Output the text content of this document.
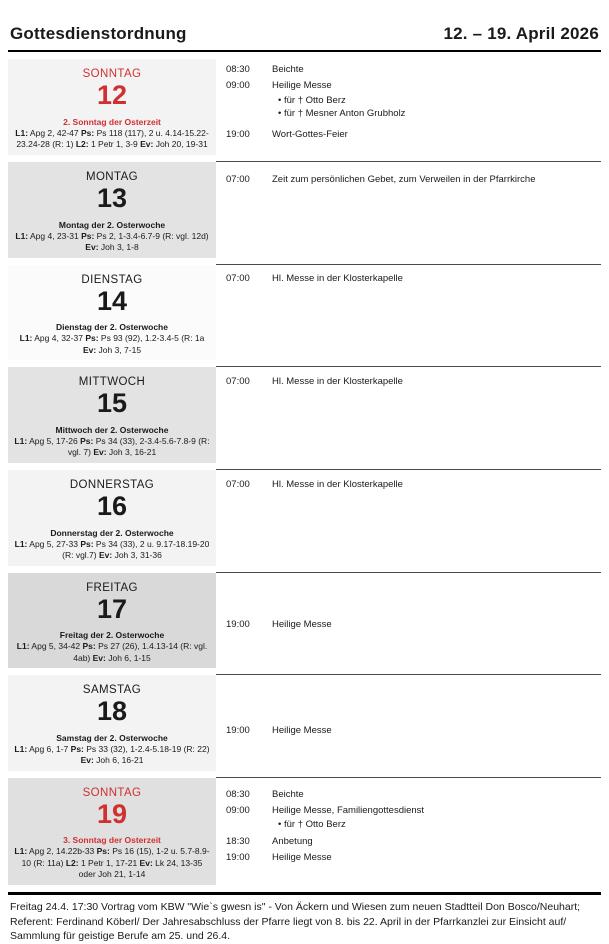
Gottesdienstordnung	12. – 19. April 2026
SONNTAG
12
2. Sonntag der Osterzeit
L1: Apg 2, 42-47 Ps: Ps 118 (117), 2 u. 4.14-15.22-23.24-28 (R: 1) L2: 1 Petr 1, 3-9 Ev: Joh 20, 19-31
08:30	Beichte
09:00	Heilige Messe
• für † Otto Berz
• für † Mesner Anton Grubholz
19:00	Wort-Gottes-Feier
MONTAG
13
Montag der 2. Osterwoche
L1: Apg 4, 23-31 Ps: Ps 2, 1-3.4-6.7-9 (R: vgl. 12d) Ev: Joh 3, 1-8
07:00	Zeit zum persönlichen Gebet, zum Verweilen in der Pfarrkirche
DIENSTAG
14
Dienstag der 2. Osterwoche
L1: Apg 4, 32-37 Ps: Ps 93 (92), 1.2-3.4-5 (R: 1a Ev: Joh 3, 7-15
07:00	Hl. Messe in der Klosterkapelle
MITTWOCH
15
Mittwoch der 2. Osterwoche
L1: Apg 5, 17-26 Ps: Ps 34 (33), 2-3.4-5.6-7.8-9 (R: vgl. 7) Ev: Joh 3, 16-21
07:00	Hl. Messe in der Klosterkapelle
DONNERSTAG
16
Donnerstag der 2. Osterwoche
L1: Apg 5, 27-33 Ps: Ps 34 (33), 2 u. 9.17-18.19-20 (R: vgl.7) Ev: Joh 3, 31-36
07:00	Hl. Messe in der Klosterkapelle
FREITAG
17
Freitag der 2. Osterwoche
L1: Apg 5, 34-42 Ps: Ps 27 (26), 1.4.13-14 (R: vgl. 4ab) Ev: Joh 6, 1-15
19:00	Heilige Messe
SAMSTAG
18
Samstag der 2. Osterwoche
L1: Apg 6, 1-7 Ps: Ps 33 (32), 1-2.4-5.18-19 (R: 22) Ev: Joh 6, 16-21
19:00	Heilige Messe
SONNTAG
19
3. Sonntag der Osterzeit
L1: Apg 2, 14.22b-33 Ps: Ps 16 (15), 1-2 u. 5.7-8.9-10 (R: 11a) L2: 1 Petr 1, 17-21 Ev: Lk 24, 13-35 oder Joh 21, 1-14
08:30	Beichte
09:00	Heilige Messe, Familiengottesdienst
• für † Otto Berz
18:30	Anbetung
19:00	Heilige Messe
Freitag 24.4. 17:30 Vortrag vom KBW "Wie`s gwesn is" - Von Äckern und Wiesen zum neuen Stadtteil Don Bosco/Neuhart; Referent: Ferdinand Köberl/ Der Jahresabschluss der Pfarre liegt von 8. bis 22. April in der Pfarrkanzlei zur Einsicht auf/ Sammlung für geistige Berufe am 25. und 26.4.
